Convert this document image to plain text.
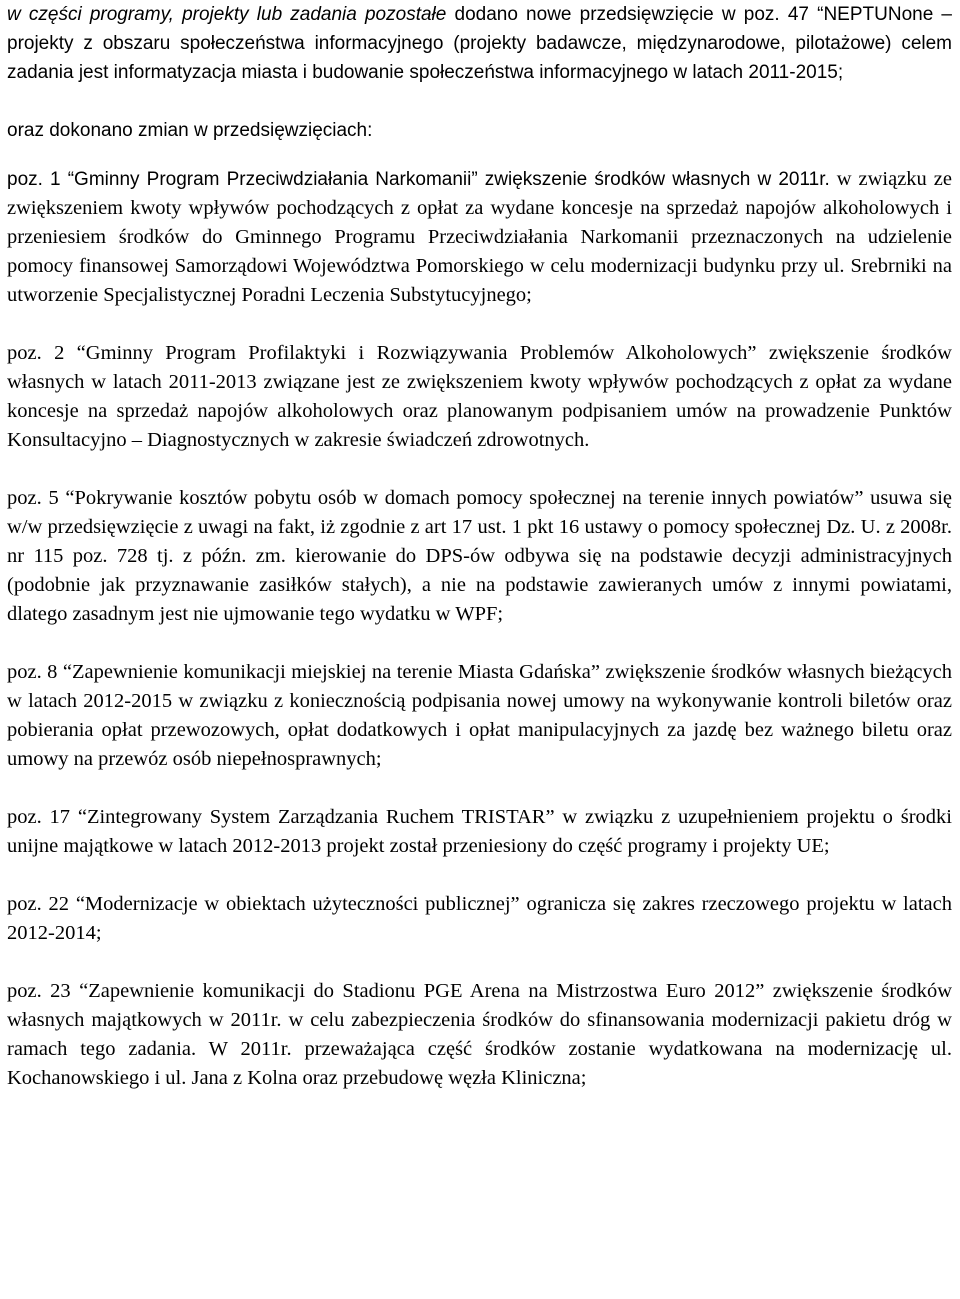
w części programy, projekty lub zadania pozostałe dodano nowe przedsięwzięcie w poz. 47 “NEPTUNone – projekty z obszaru społeczeństwa informacyjnego (projekty badawcze, międzynarodowe, pilotażowe) celem zadania jest informatyzacja miasta i budowanie społeczeństwa informacyjnego w latach 2011-2015;

oraz dokonano zmian w przedsięwzięciach:

poz. 1 “Gminny Program Przeciwdziałania Narkomanii” zwiększenie środków własnych w 2011r. w związku ze zwiększeniem kwoty wpływów pochodzących z opłat za wydane koncesje na sprzedaż napojów alkoholowych i przeniesiem środków do Gminnego Programu Przeciwdziałania Narkomanii przeznaczonych na udzielenie pomocy finansowej Samorządowi Województwa Pomorskiego w celu modernizacji budynku przy ul. Srebrniki na utworzenie Specjalistycznej Poradni Leczenia Substytucyjnego;

poz. 2 “Gminny Program Profilaktyki i Rozwiązywania Problemów Alkoholowych” zwiększenie środków własnych w latach 2011-2013 związane jest ze zwiększeniem kwoty wpływów pochodzących z opłat za wydane koncesje na sprzedaż napojów alkoholowych oraz planowanym podpisaniem umów na prowadzenie Punktów Konsultacyjno – Diagnostycznych w zakresie świadczeń zdrowotnych.

poz. 5 “Pokrywanie kosztów pobytu osób w domach pomocy społecznej na terenie innych powiatów” usuwa się w/w przedsięwzięcie z uwagi na fakt, iż zgodnie z art 17 ust. 1 pkt 16 ustawy o pomocy społecznej Dz. U. z 2008r. nr 115 poz. 728 tj. z późn. zm. kierowanie do DPS-ów odbywa się na podstawie decyzji administracyjnych (podobnie jak przyznawanie zasiłków stałych), a nie na podstawie zawieranych umów z innymi powiatami, dlatego zasadnym jest nie ujmowanie tego wydatku w WPF;

poz. 8 “Zapewnienie komunikacji miejskiej na terenie Miasta Gdańska” zwiększenie środków własnych bieżących w latach 2012-2015 w związku z koniecznością podpisania nowej umowy na wykonywanie kontroli biletów oraz pobierania opłat przewozowych, opłat dodatkowych i opłat manipulacyjnych za jazdę bez ważnego biletu oraz umowy na przewóz osób niepełnosprawnych;

poz. 17 “Zintegrowany System Zarządzania Ruchem TRISTAR” w związku z uzupełnieniem projektu o środki unijne majątkowe w latach 2012-2013 projekt został przeniesiony do część programy i projekty UE;

poz. 22 “Modernizacje w obiektach użyteczności publicznej” ogranicza się zakres rzeczowego projektu w latach 2012-2014;

poz. 23 “Zapewnienie komunikacji do Stadionu PGE Arena na Mistrzostwa Euro 2012” zwiększenie środków własnych majątkowych w 2011r. w celu zabezpieczenia środków do sfinansowania modernizacji pakietu dróg w ramach tego zadania. W 2011r. przeważająca część środków zostanie wydatkowana na modernizację ul. Kochanowskiego i ul. Jana z Kolna oraz przebudowę węzła Kliniczna;
